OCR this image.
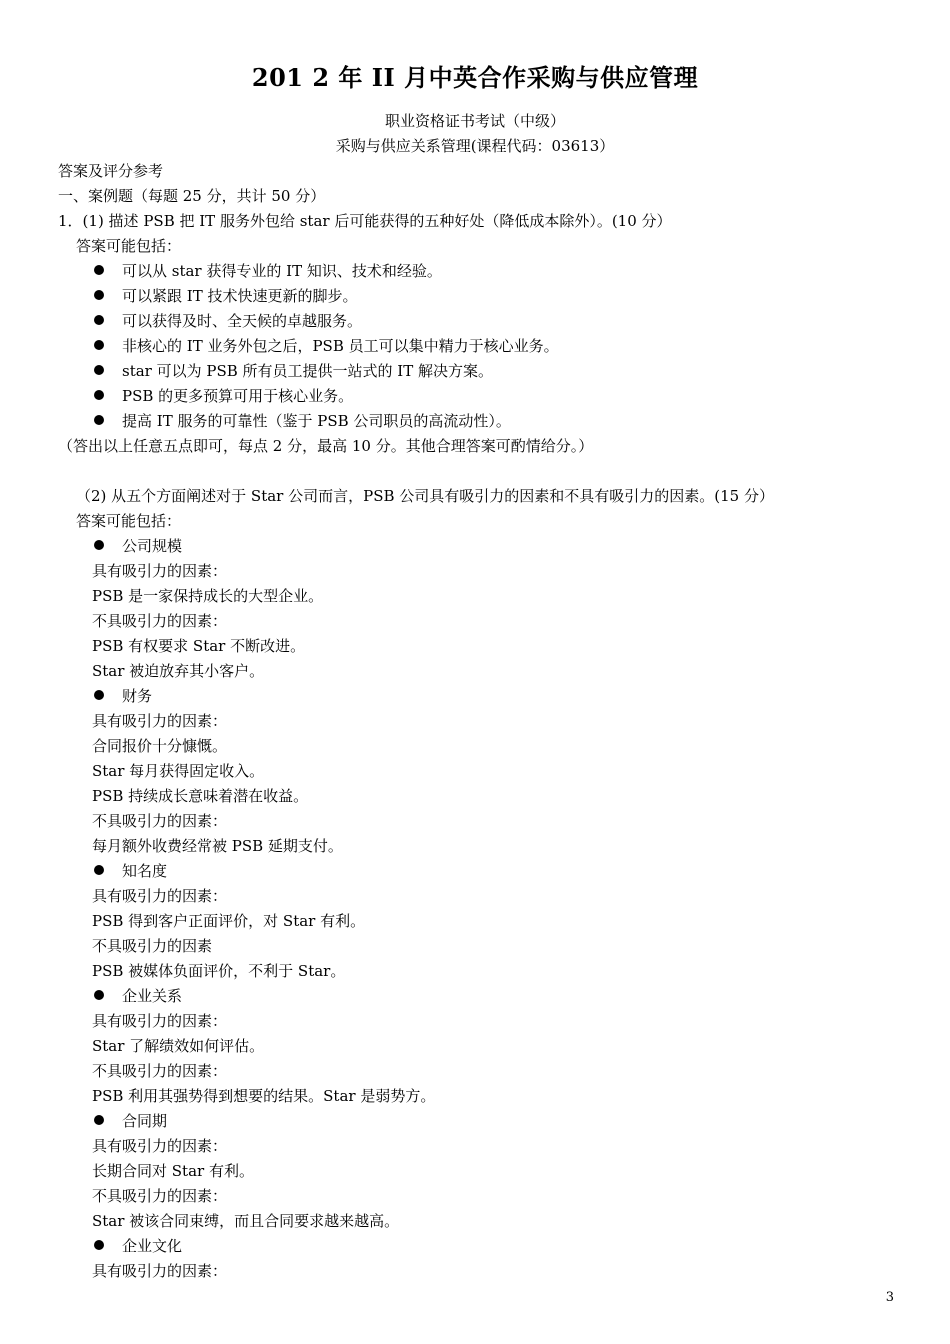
201 2 年 II 月中英合作采购与供应管理
职业资格证书考试（中级）
采购与供应关系管理(课程代码：03613）
答案及评分参考
一、案例题（每题 25 分，共计 50 分）
1．(1) 描述 PSB 把 IT 服务外包给 star 后可能获得的五种好处（降低成本除外）。(10 分）
答案可能包括：
可以从 star 获得专业的 IT 知识、技术和经验。
可以紧跟 IT 技术快速更新的脚步。
可以获得及时、全天候的卓越服务。
非核心的 IT 业务外包之后，PSB 员工可以集中精力于核心业务。
star 可以为 PSB 所有员工提供一站式的 IT 解决方案。
PSB 的更多预算可用于核心业务。
提高 IT 服务的可靠性（鉴于 PSB 公司职员的高流动性）。
（答出以上任意五点即可，每点 2 分，最高 10 分。其他合理答案可酌情给分。）
（2) 从五个方面阐述对于 Star 公司而言，PSB 公司具有吸引力的因素和不具有吸引力的因素。(15 分）
答案可能包括：
公司规模
具有吸引力的因素：
PSB 是一家保持成长的大型企业。
不具吸引力的因素：
PSB 有权要求 Star 不断改进。
Star 被迫放弃其小客户。
财务
具有吸引力的因素：
合同报价十分慷慨。
Star 每月获得固定收入。
PSB 持续成长意味着潜在收益。
不具吸引力的因素：
每月额外收费经常被 PSB 延期支付。
知名度
具有吸引力的因素：
PSB 得到客户正面评价，对 Star 有利。
不具吸引力的因素
PSB 被媒体负面评价，不利于 Star。
企业关系
具有吸引力的因素：
Star 了解绩效如何评估。
不具吸引力的因素：
PSB 利用其强势得到想要的结果。Star 是弱势方。
合同期
具有吸引力的因素：
长期合同对 Star 有利。
不具吸引力的因素：
Star 被该合同束缚，而且合同要求越来越高。
企业文化
具有吸引力的因素：
3
